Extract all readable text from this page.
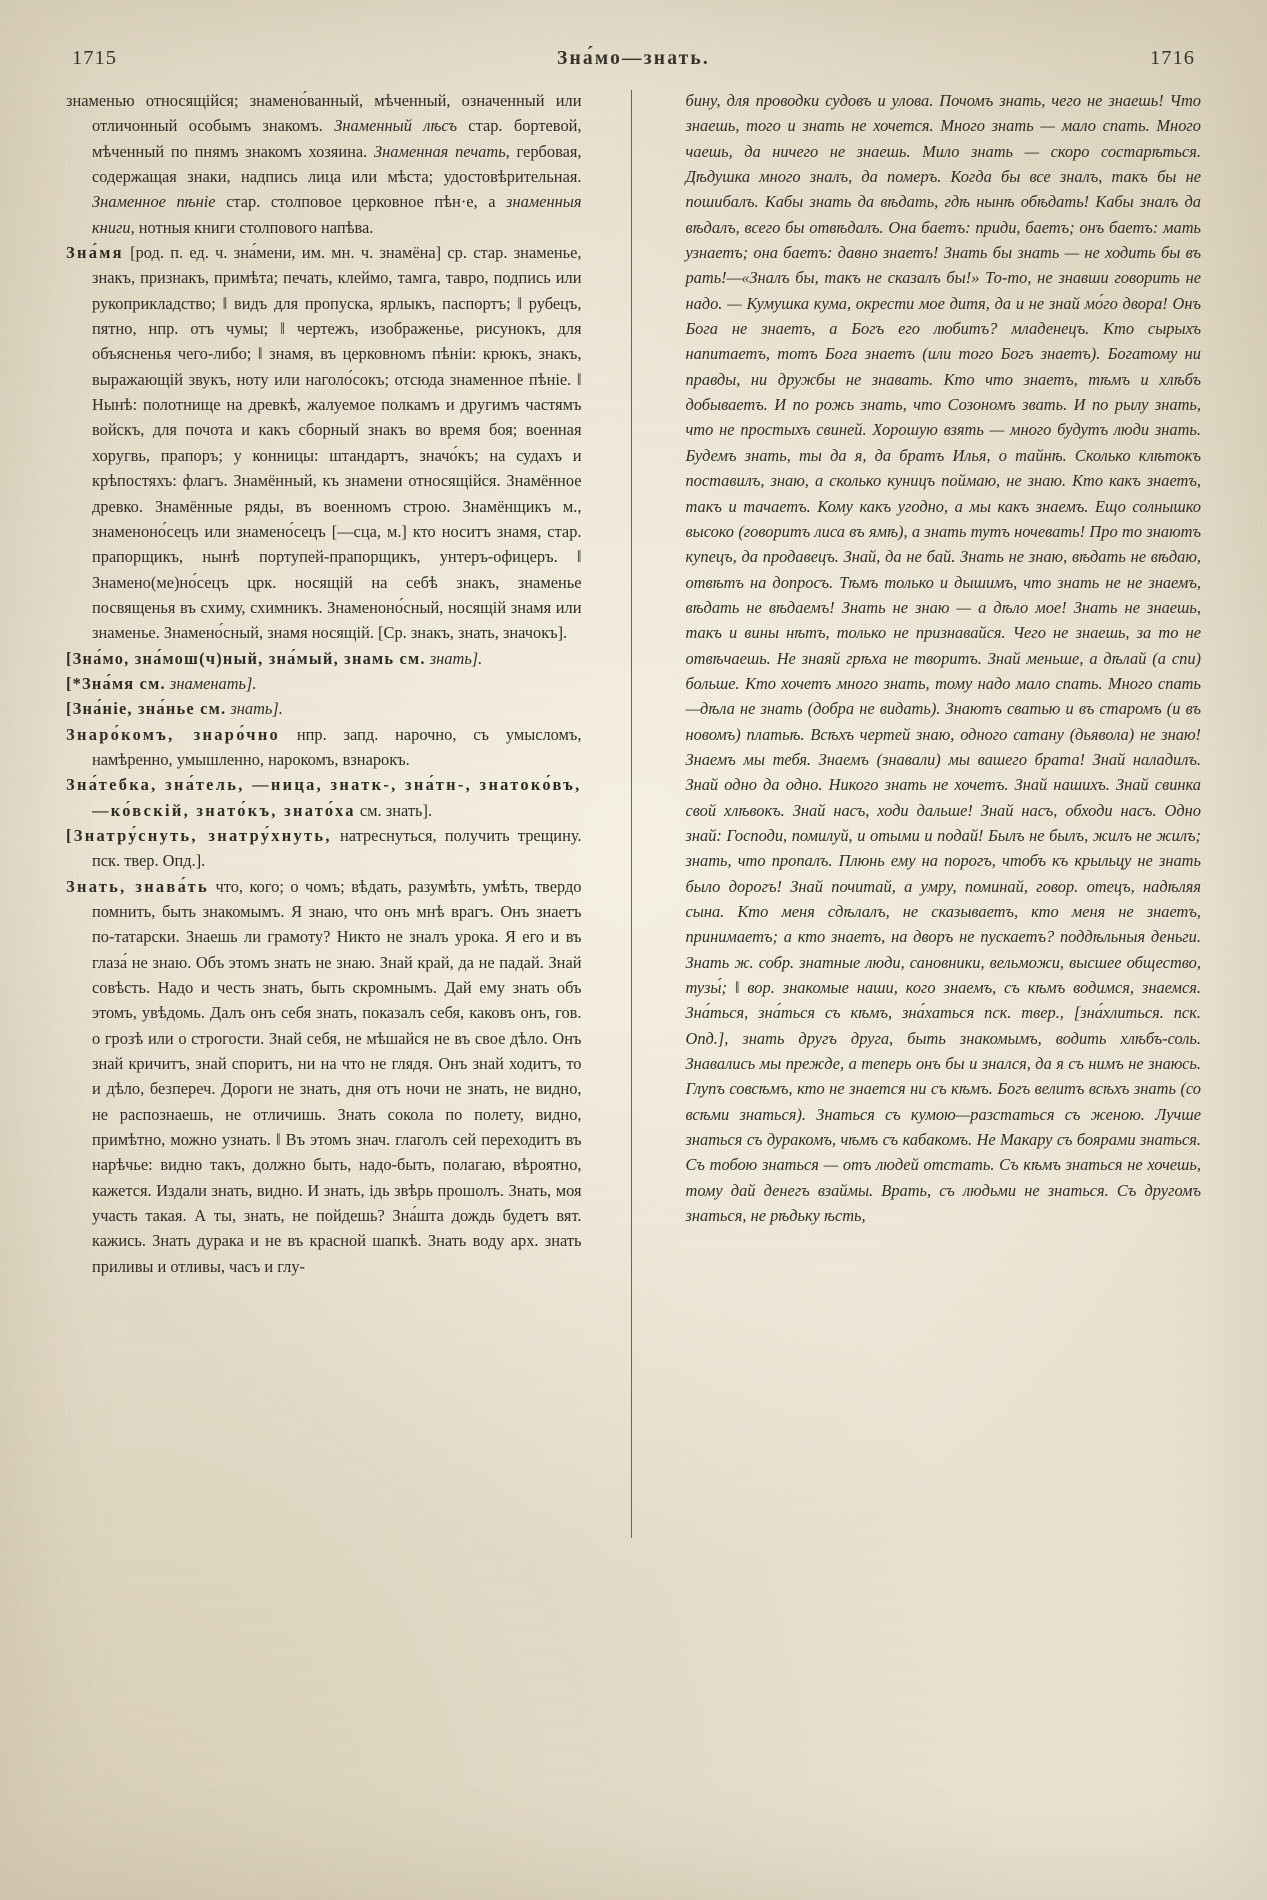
1715	Зна́мо—знать.	1716

знаменью относящійся; знамено́ванный, мѣченный, означенный или отличонный особымъ знакомъ. Знаменный лѣсъ стар. бортевой, мѣченный по пнямъ знакомъ хозяина. Знаменная печать, гербовая, содержащая знаки, надпись лица или мѣста; удостовѣрительная. Знаменное пѣніе стар. столповое церковное пѣн·е, а знаменныя книги, нотныя книги столпового напѣва.

Зна́мя [род. п. ед. ч. зна́мени, им. мн. ч. знамёна] ср. стар. знаменье, знакъ, признакъ, примѣта; печать, клеймо, тамга, тавро, подпись или рукоприкладство; ‖ видъ для пропуска, ярлыкъ, паспортъ; ‖ рубецъ, пятно, нпр. отъ чумы; ‖ чертежъ, изображенье, рисунокъ, для объясненья чего-либо; ‖ знамя, въ церковномъ пѣніи: крюкъ, знакъ, выражающій звукъ, ноту или наголо́сокъ; отсюда знаменное пѣніе. ‖ Нынѣ: полотнище на древкѣ, жалуемое полкамъ и другимъ частямъ войскъ, для почота и какъ сборный знакъ во время боя; военная хоругвь, прапоръ; у конницы: штандартъ, значо́къ; на судахъ и крѣпостяхъ: флагъ. Знамённый, къ знамени относящійся. Знамённое древко. Знамённые ряды, въ военномъ строю. Знамёнщикъ м., знаменоно́сецъ или знамено́сецъ [—сца, м.] кто носитъ знамя, стар. прапорщикъ, нынѣ портупей-прапорщикъ, унтеръ-офицеръ. ‖ Знамено(ме)но́сецъ црк. носящій на себѣ знакъ, знаменье посвященья въ схиму, схимникъ. Знаменоно́сный, носящій знамя или знаменье. Знамено́сный, знамя носящій. [Ср. знакъ, знать, значокъ].

[Зна́мо, зна́мош(ч)ный, зна́мый, знамь см. знать].

[*Зна́мя см. знаменать].

[Зна́ніе, зна́нье см. знать].

Знаро́комъ, знаро́чно нпр. запд. нарочно, съ умысломъ, намѣренно, умышленно, нарокомъ, взнарокъ.

Зна́тебка, зна́тель, —ница, знатк-, зна́тн-, знатоко́въ, —ко́вскій, знато́къ, знато́ха см. знать].

[Знатру́снуть, знатру́хнуть, натреснуться, получить трещину. пск. твер. Опд.].

Знать, знава́ть что, кого; о чомъ; вѣдать, разумѣть, умѣть, твердо помнить, быть знакомымъ. Я знаю, что онъ мнѣ врагъ. Онъ знаетъ по-татарски. Знаешь ли грамоту? Никто не зналъ урока. Я его и въ глаза́ не знаю. Объ этомъ знать не знаю. Знай край, да не падай. Знай совѣсть. Надо и честь знать, быть скромнымъ. Дай ему знать объ этомъ, увѣдомь. Далъ онъ себя знать, показалъ себя, каковъ онъ, гов. о грозѣ или о строгости. Знай себя, не мѣшайся не въ свое дѣло. Онъ знай кричитъ, знай споритъ, ни на что не глядя. Онъ знай ходитъ, то и дѣло, безпереч. Дороги не знать, дня отъ ночи не знать, не видно, не распознаешь, не отличишь. Знать сокола по полету, видно, примѣтно, можно узнать. ‖ Въ этомъ знач. глаголъ сей переходитъ въ нарѣчье: видно такъ, должно быть, надо-быть, полагаю, вѣроятно, кажется. Издали знать, видно. И знать, ідь звѣрь прошолъ. Знать, моя участь такая. А ты, знать, не пойдешь? Зна́шта дождь будетъ вят. кажись. Знать дурака и не въ красной шапкѣ. Знать воду арх. знать приливы и отливы, часъ и глу-

бину, для проводки судовъ и улова. Почомъ знать, чего не знаешь! Что знаешь, того и знать не хочется. Много знать — мало спать. Много чаешь, да ничего не знаешь. Мило знать — скоро состарѣться. Дѣдушка много зналъ, да померъ. Когда бы все зналъ, такъ бы не пошибалъ. Кабы знать да вѣдать, гдѣ нынѣ обѣдать! Кабы зналъ да вѣдалъ, всего бы отвѣдалъ. Она баетъ: приди, баетъ; онъ баетъ: мать узнаетъ; она баетъ: давно знаетъ! Знать бы знать — не ходить бы въ рать!—«Зналъ бы, такъ не сказалъ бы!» То-то, не знавши говорить не надо. — Кумушка кума, окрести мое дитя, да и не знай мо́го двора! Онъ Бога не знаетъ, а Богъ его любитъ? младенецъ. Кто сырыхъ напитаетъ, тотъ Бога знаетъ (или того Богъ знаетъ). Богатому ни правды, ни дружбы не знавать. Кто что знаетъ, тѣмъ и хлѣбъ добываетъ. И по рожь знать, что Созономъ звать. И по рылу знать, что не простыхъ свиней. Хорошую взять — много будутъ люди знать. Будемъ знать, ты да я, да братъ Илья, о тайнѣ. Сколько клѣтокъ поставилъ, знаю, а сколько куницъ поймаю, не знаю. Кто какъ знаетъ, такъ и тачаетъ. Кому какъ угодно, а мы какъ знаемъ. Ещо солнышко высоко (говоритъ лиса въ ямѣ), а знать тутъ ночевать! Про то знаютъ купецъ, да продавецъ. Знай, да не бай. Знать не знаю, вѣдать не вѣдаю, отвѣтъ на допросъ. Тѣмъ только и дышимъ, что знать не не знаемъ, вѣдать не вѣдаемъ! Знать не знаю — а дѣло мое! Знать не знаешь, такъ и вины нѣтъ, только не признавайся. Чего не знаешь, за то не отвѣчаешь. Не знаяй грѣха не творитъ. Знай меньше, а дѣлай (а спи) больше. Кто хочетъ много знать, тому надо мало спать. Много спать—дѣла не знать (добра не видать). Знаютъ сватью и въ старомъ (и въ новомъ) платьѣ. Всѣхъ чертей знаю, одного сатану (дьявола) не знаю! Знаемъ мы тебя. Знаемъ (знавали) мы вашего брата! Знай наладилъ. Знай одно да одно. Никого знать не хочетъ. Знай нашихъ. Знай свинка свой хлѣвокъ. Знай насъ, ходи дальше! Знай насъ, обходи насъ. Одно знай: Господи, помилуй, и отыми и подай! Былъ не былъ, жилъ не жилъ; знать, что пропалъ. Плюнь ему на порогъ, чтобъ къ крыльцу не знать было дорогъ! Знай почитай, а умру, поминай, говор. отецъ, надѣляя сына. Кто меня сдѣлалъ, не сказываетъ, кто меня не знаетъ, принимаетъ; а кто знаетъ, на дворъ не пускаетъ? поддѣльныя деньги. Знать ж. собр. знатные люди, сановники, вельможи, высшее общество, тузы́; ‖ вор. знакомые наши, кого знаемъ, съ кѣмъ водимся, знаемся. Зна́ться, зна́ться съ кѣмъ, зна́хаться пск. твер., [зна́хлиться. пск. Опд.], знать другъ друга, быть знакомымъ, водить хлѣбъ-соль. Знавались мы прежде, а теперь онъ бы и знался, да я съ нимъ не знаюсь. Глупъ совсѣмъ, кто не знается ни съ кѣмъ. Богъ велитъ всѣхъ знать (со всѣми знаться). Знаться съ кумою—разстаться съ женою. Лучше знаться съ дуракомъ, чѣмъ съ кабакомъ. Не Макару съ боярами знаться. Съ тобою знаться — отъ людей отстать. Съ кѣмъ знаться не хочешь, тому дай денегъ взаймы. Врать, съ людьми не знаться. Съ другомъ знаться, не рѣдьку ѣсть,
